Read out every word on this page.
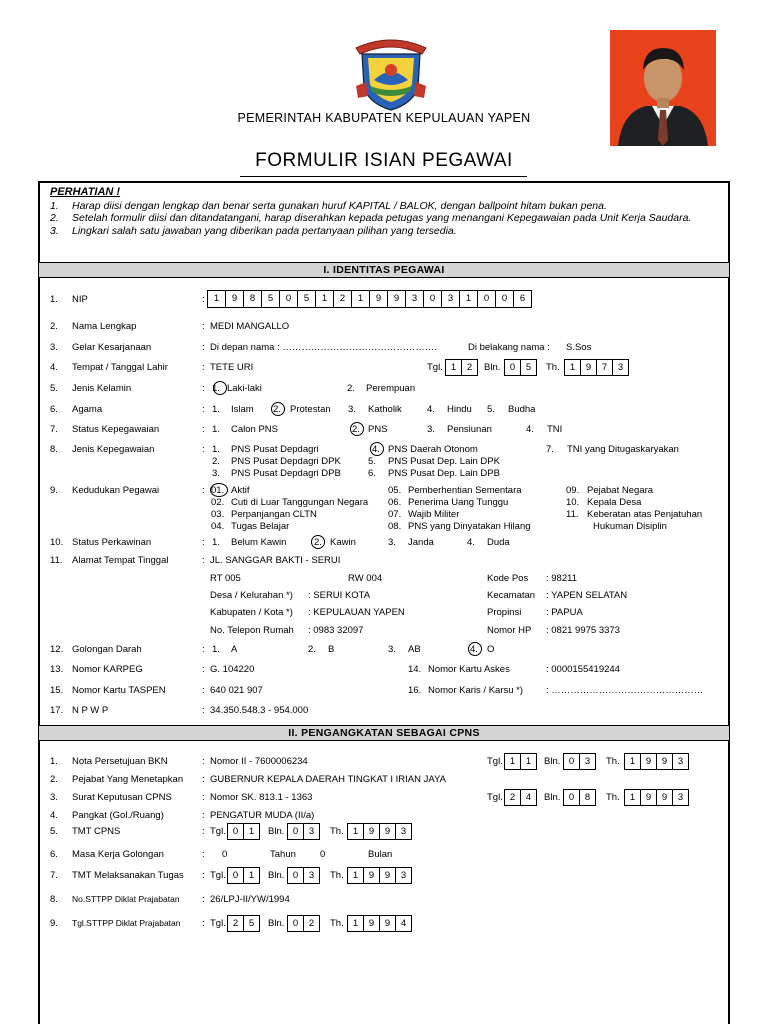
PEMERINTAH KABUPATEN KEPULAUAN YAPEN
FORMULIR ISIAN PEGAWAI
PERHATIAN !
1.	Harap diisi dengan lengkap dan benar serta gunakan huruf KAPITAL / BALOK, dengan ballpoint hitam bukan pena.
2.	Setelah formulir diisi dan ditandatangani, harap diserahkan kepada petugas yang menangani Kepegawaian pada Unit Kerja Saudara.
3.	Lingkari salah satu jawaban yang diberikan pada pertanyaan pilihan yang tersedia.
I. IDENTITAS PEGAWAI
1. NIP	: 1	9	8	5	0	5	1	2	1	9	9	3	0	3	1	0	0	6
2. Nama Lengkap	: MEDI MANGALLO
3. Gelar Kesarjanaan	: Di depan nama : ………………………………………….	Di belakang nama : S.Sos
4. Tempat / Tanggal Lahir	: TETE URI	Tgl. 1	2	Bln. 0	5	Th.	1	9	7	3
5. Jenis Kelamin	: 1. Laki-laki	2. Perempuan
6. Agama	: 1. Islam 2. Protestan 3. Katholik	4. Hindu 5. Budha
7. Status Kepegawaian	: 1. Calon PNS	2. PNS	3. Pensiunan	4. TNI
8. Jenis Kepegawaian	: 1. PNS Pusat Depdagri
2. PNS Pusat Depdagri DPK
3. PNS Pusat Depdagri DPB
4. PNS Daerah Otonom
5. PNS Pusat Dep. Lain DPK
6. PNS Pusat Dep. Lain DPB
7. TNI yang Ditugaskaryakan
9. Kedudukan Pegawai	: 01. Aktif
02. Cuti di Luar Tanggungan Negara
03. Perpanjangan CLTN
04. Tugas Belajar
05. Pemberhentian Sementara
06. Penerima Uang Tunggu
07. Wajib Militer
08. PNS yang Dinyatakan Hilang
09. Pejabat Negara
10. Kepala Desa
11. Keberatan atas Penjatuhan
Hukuman Disiplin
10. Status Perkawinan	: 1. Belum Kawin	2. Kawin	3. Janda	4. Duda
11. Alamat Tempat Tinggal	: JL. SANGGAR BAKTI - SERUI
RT 005	RW 004	Kode Pos : 98211
Desa / Kelurahan *) : SERUI KOTA	Kecamatan : YAPEN SELATAN
Kabupaten / Kota *) : KEPULAUAN YAPEN	Propinsi	: PAPUA
No. Telepon Rumah : 0983 32097	Nomor HP : 0821 9975 3373
12. Golongan Darah	: 1. A	2. B	3. AB	4. O
13. Nomor KARPEG	: G. 104220	14. Nomor Kartu Askes	: 0000155419244
15. Nomor Kartu TASPEN	: 640 021 907	16. Nomor Karis / Karsu *) : …………………………………………
17. N P W P	: 34.350.548.3 - 954.000
II. PENGANGKATAN SEBAGAI CPNS
1. Nota Persetujuan BKN	: Nomor II - 7600006234	Tgl. 1	1	Bln. 0	3	Th.	1	9	9	3
2. Pejabat Yang Menetapkan : GUBERNUR KEPALA DAERAH TINGKAT I IRIAN JAYA
3. Surat Keputusan CPNS	: Nomor SK. 813.1 - 1363	Tgl. 2	4	Bln. 0	8	Th.	1	9	9	3
4. Pangkat (Gol./Ruang)	: PENGATUR MUDA (II/a)
5. TMT CPNS	: Tgl. 0	1	Bln. 0	3	Th. 1	9	9	3
6. Masa Kerja Golongan	: 0	Tahun	0	Bulan
7. TMT Melaksanakan Tugas : Tgl. 0	1	Bln. 0	3	Th. 1	9	9	3
8. No.STTPP Diklat Prajabatan : 26/LPJ-II/YW/1994
9. Tgl.STTPP Diklat Prajabatan : Tgl. 2	5	Bln. 0	2	Th. 1	9	9	4
